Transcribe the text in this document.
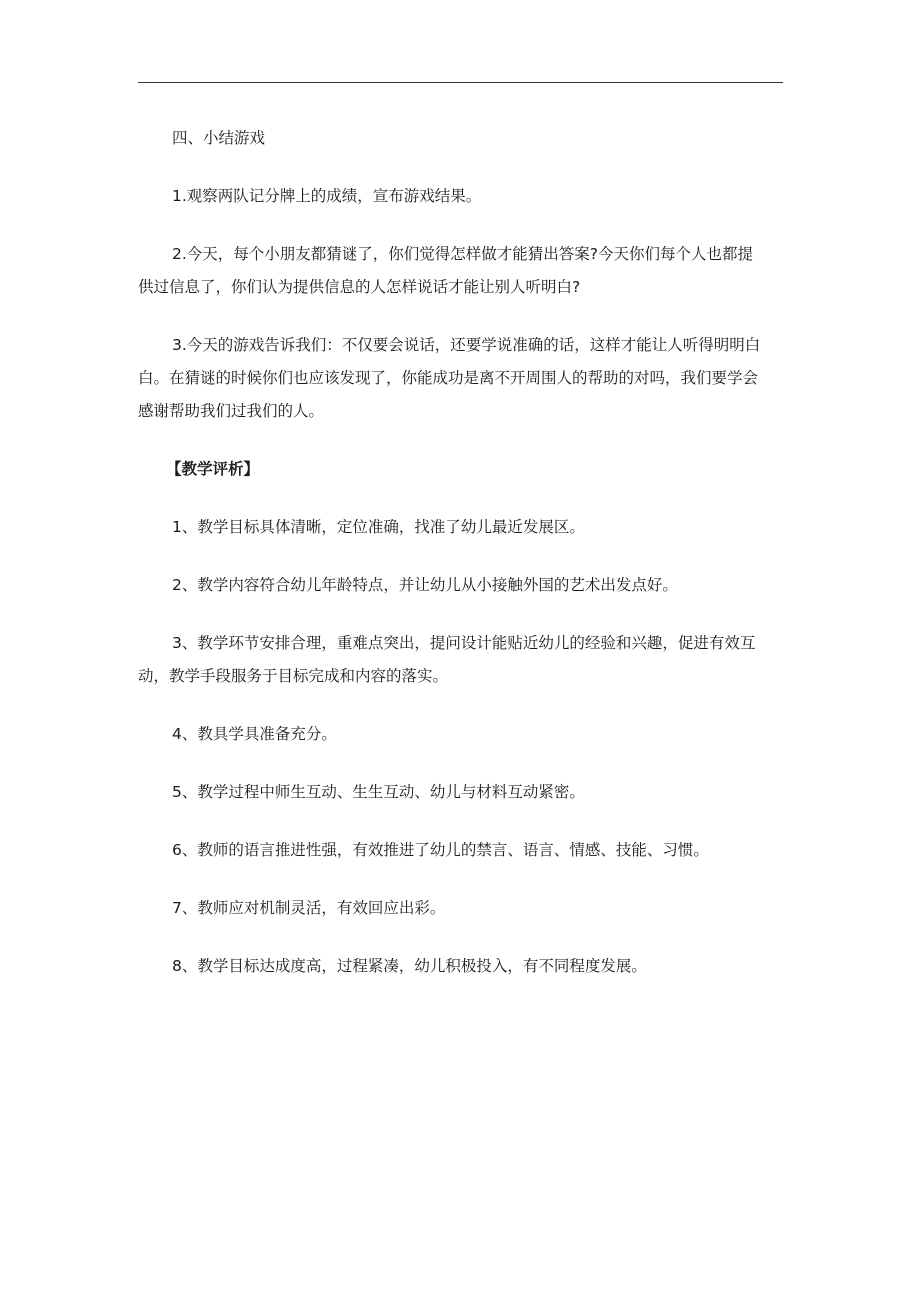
四、小结游戏

1.观察两队记分牌上的成绩，宣布游戏结果。

2.今天，每个小朋友都猜谜了，你们觉得怎样做才能猜出答案?今天你们每个人也都提
供过信息了，你们认为提供信息的人怎样说话才能让别人听明白?
3.今天的游戏告诉我们：不仅要会说话，还要学说准确的话，这样才能让人听得明明白
白。在猜谜的时候你们也应该发现了，你能成功是离不开周围人的帮助的对吗，我们要学会
感谢帮助我们过我们的人。

【教学评析】

1、教学目标具体清晰，定位准确，找准了幼儿最近发展区。

2、教学内容符合幼儿年龄特点，并让幼儿从小接触外国的艺术出发点好。

3、教学环节安排合理，重难点突出，提问设计能贴近幼儿的经验和兴趣，促进有效互
动，教学手段服务于目标完成和内容的落实。

4、教具学具准备充分。

5、教学过程中师生互动、生生互动、幼儿与材料互动紧密。

6、教师的语言推进性强，有效推进了幼儿的禁言、语言、情感、技能、习惯。

7、教师应对机制灵活，有效回应出彩。

8、教学目标达成度高，过程紧凑，幼儿积极投入，有不同程度发展。
